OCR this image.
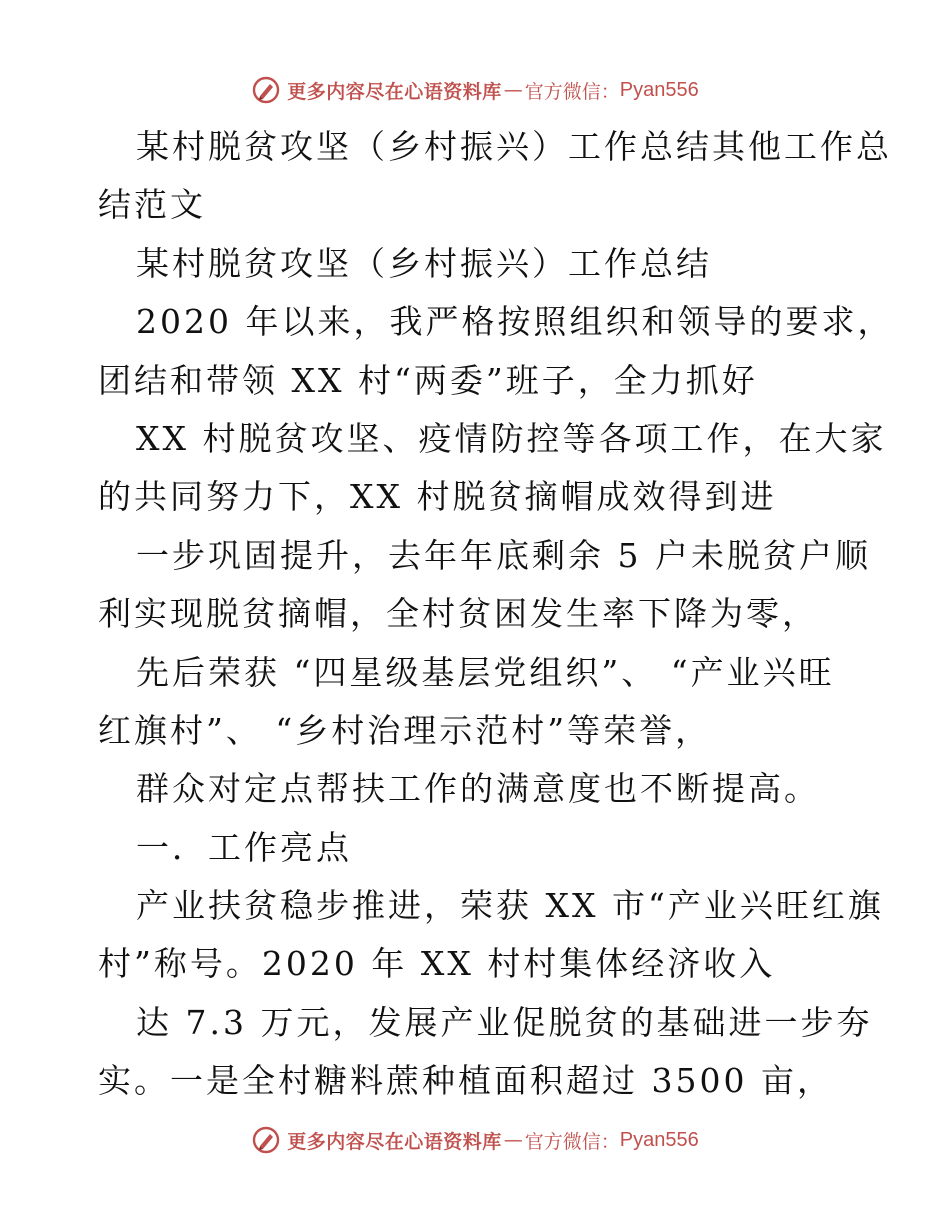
更多内容尽在心语资料库 — 官方微信： Pyan556
某村脱贫攻坚（乡村振兴）工作总结其他工作总
结范文
某村脱贫攻坚（乡村振兴）工作总结
2020 年以来，我严格按照组织和领导的要求，
团结和带领 XX 村“两委”班子，全力抓好
XX 村脱贫攻坚、疫情防控等各项工作，在大家
的共同努力下，XX 村脱贫摘帽成效得到进
一步巩固提升，去年年底剩余 5 户未脱贫户顺
利实现脱贫摘帽，全村贫困发生率下降为零，
先后荣获 “四星级基层党组织”、 “产业兴旺
红旗村”、 “乡村治理示范村”等荣誉，
群众对定点帮扶工作的满意度也不断提高。
一．工作亮点
产业扶贫稳步推进，荣获 XX 市“产业兴旺红旗
村”称号。2020 年 XX 村村集体经济收入
达 7.3 万元，发展产业促脱贫的基础进一步夯
实。一是全村糖料蔗种植面积超过 3500 亩，
更多内容尽在心语资料库 — 官方微信： Pyan556
